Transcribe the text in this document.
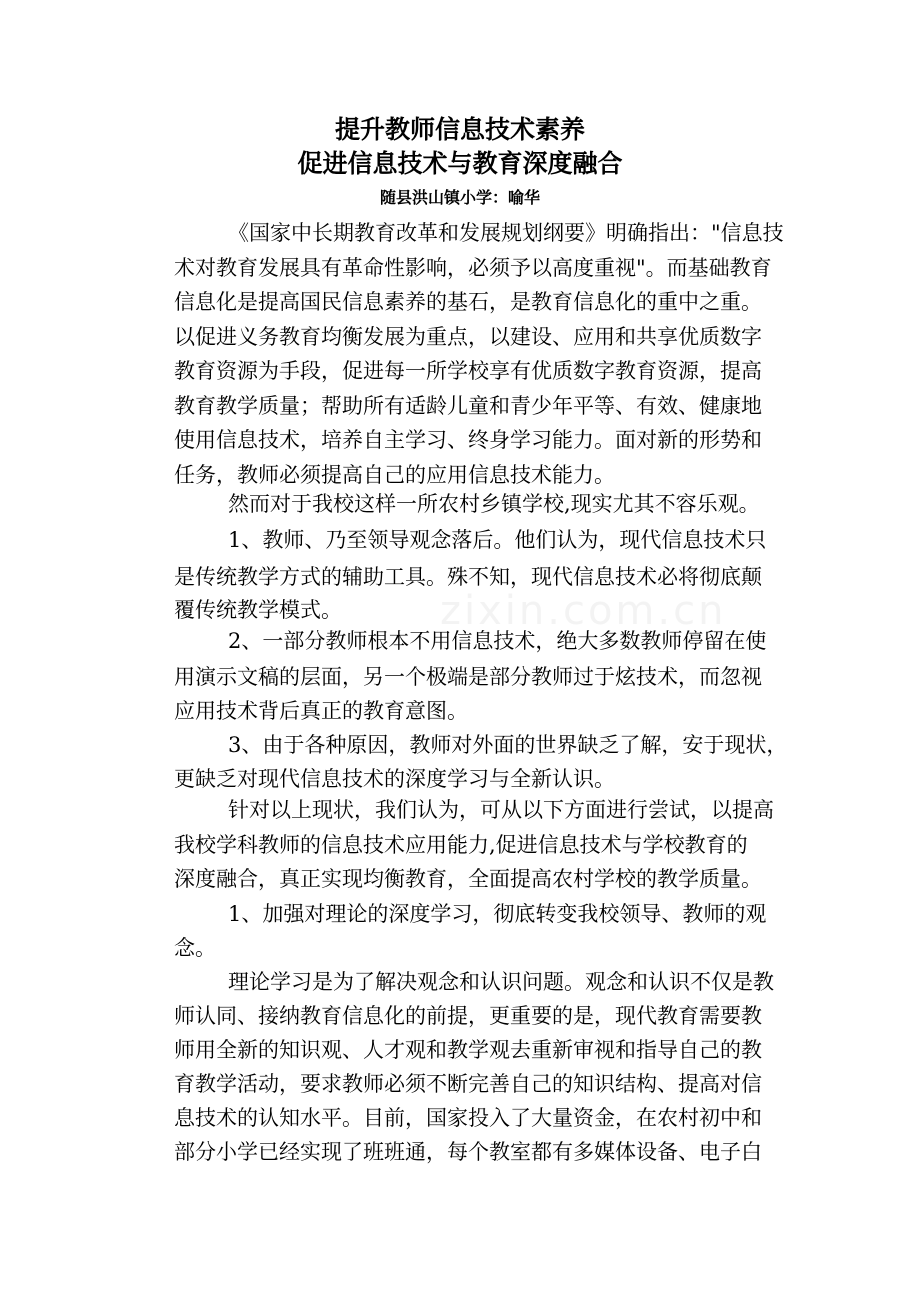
提升教师信息技术素养
促进信息技术与教育深度融合
随县洪山镇小学：喻华
《国家中长期教育改革和发展规划纲要》明确指出："信息技
术对教育发展具有革命性影响，必须予以高度重视"。而基础教育
信息化是提高国民信息素养的基石，是教育信息化的重中之重。
以促进义务教育均衡发展为重点，以建设、应用和共享优质数字
教育资源为手段，促进每一所学校享有优质数字教育资源，提高
教育教学质量；帮助所有适龄儿童和青少年平等、有效、健康地
使用信息技术，培养自主学习、终身学习能力。面对新的形势和
任务，教师必须提高自己的应用信息技术能力。
然而对于我校这样一所农村乡镇学校,现实尤其不容乐观。
1、教师、乃至领导观念落后。他们认为，现代信息技术只
是传统教学方式的辅助工具。殊不知，现代信息技术必将彻底颠
覆传统教学模式。
2、一部分教师根本不用信息技术，绝大多数教师停留在使
用演示文稿的层面，另一个极端是部分教师过于炫技术，而忽视
应用技术背后真正的教育意图。
3、由于各种原因，教师对外面的世界缺乏了解，安于现状，
更缺乏对现代信息技术的深度学习与全新认识。
针对以上现状，我们认为，可从以下方面进行尝试，以提高
我校学科教师的信息技术应用能力,促进信息技术与学校教育的
深度融合，真正实现均衡教育，全面提高农村学校的教学质量。
1、加强对理论的深度学习，彻底转变我校领导、教师的观
念。
理论学习是为了解决观念和认识问题。观念和认识不仅是教
师认同、接纳教育信息化的前提，更重要的是，现代教育需要教
师用全新的知识观、人才观和教学观去重新审视和指导自己的教
育教学活动，要求教师必须不断完善自己的知识结构、提高对信
息技术的认知水平。目前，国家投入了大量资金，在农村初中和
部分小学已经实现了班班通，每个教室都有多媒体设备、电子白
zixin.com.cn
